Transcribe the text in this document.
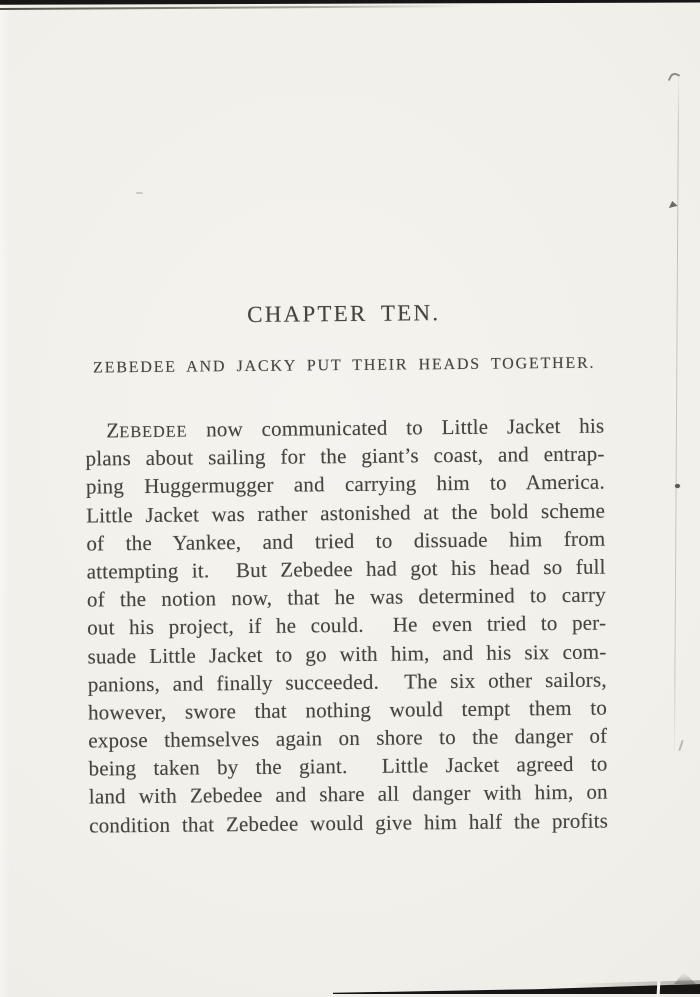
CHAPTER TEN.
ZEBEDEE AND JACKY PUT THEIR HEADS TOGETHER.
ZEBEDEE now communicated to Little Jacket his
plans about sailing for the giant’s coast, and entrap-
ping Huggermugger and carrying him to America.
Little Jacket was rather astonished at the bold scheme
of the Yankee, and tried to dissuade him from
attempting it.  But Zebedee had got his head so full
of the notion now, that he was determined to carry
out his project, if he could.  He even tried to per-
suade Little Jacket to go with him, and his six com-
panions, and finally succeeded.  The six other sailors,
however, swore that nothing would tempt them to
expose themselves again on shore to the danger of
being taken by the giant.  Little Jacket agreed to
land with Zebedee and share all danger with him, on
condition that Zebedee would give him half the profits
